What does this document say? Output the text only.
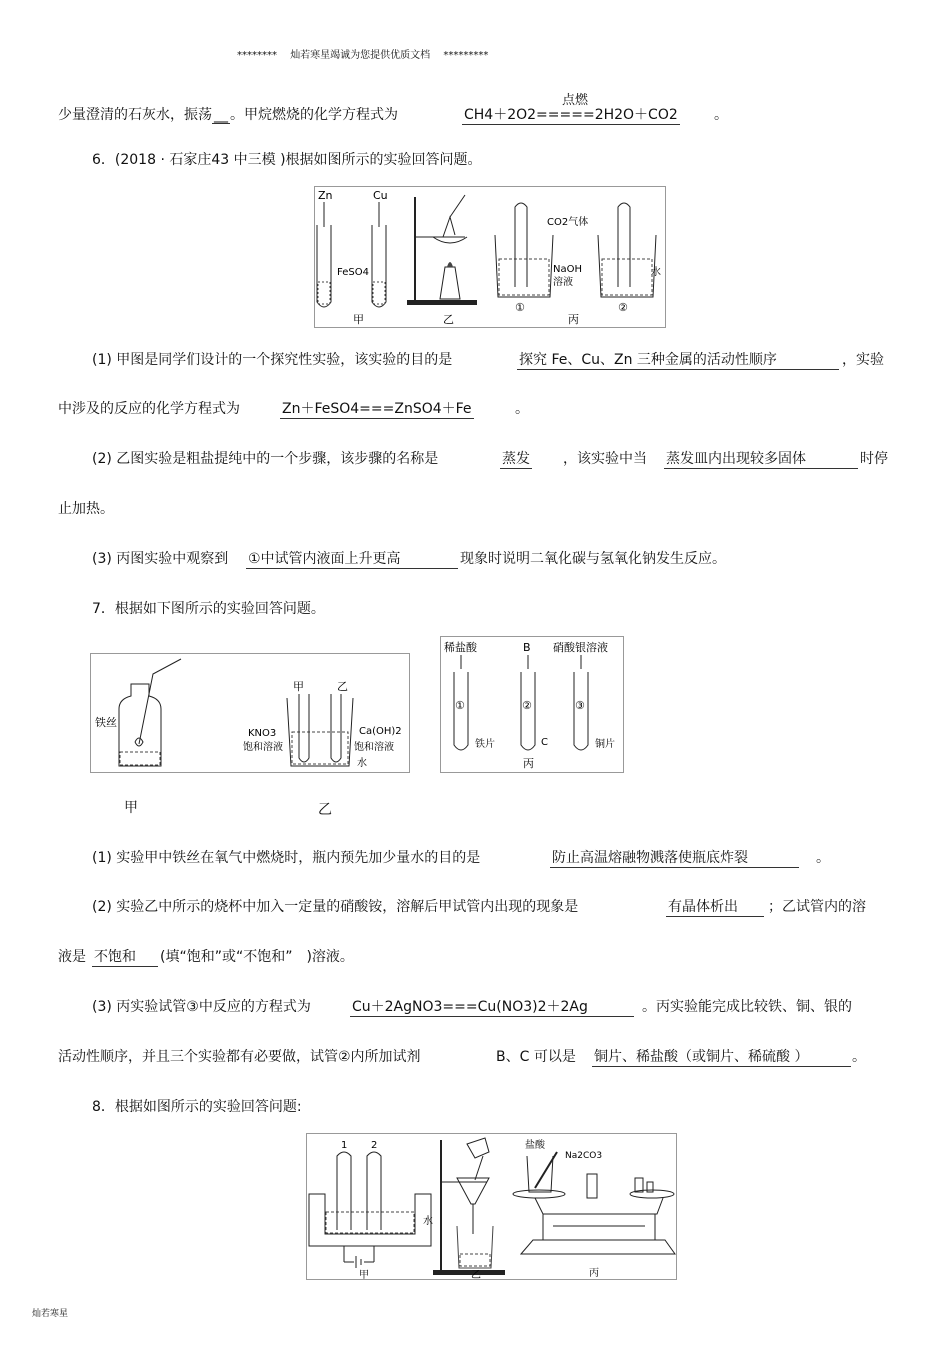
******** 灿若寒星竭诚为您提供优质文档 *********
少量澄清的石灰水，振荡 __ 。甲烷燃烧的化学方程式为
点燃
CH4＋2O2=====2H2O＋CO2	。
6．(2018 · 石家庄43 中三模 )根据如图所示的实验回答问题。
Zn	Cu
FeSO4
甲	乙
CO2气体
NaOH
溶液
①
水
②
丙
(1) 甲图是同学们设计的一个探究性实验，该实验的目的是	探究 Fe、Cu、Zn 三种金属的活动性顺序	，实验
中涉及的反应的化学方程式为	Zn＋FeSO4===ZnSO4＋Fe	。
(2) 乙图实验是粗盐提纯中的一个步骤，该步骤的名称是	蒸发 ，该实验中当 蒸发皿内出现较多固体	时停
止加热。
(3) 丙图实验中观察到 ①中试管内液面上升更高	现象时说明二氧化碳与氢氧化钠发生反应。
7．根据如下图所示的实验回答问题。
铁丝
甲	乙
KNO3
饱和溶液
Ca(OH)2
饱和溶液
水
稀盐酸	B 硝酸银溶液
①	②	③
铁片	C	铜片
丙
甲	乙
(1) 实验甲中铁丝在氧气中燃烧时，瓶内预先加少量水的目的是	防止高温熔融物溅落使瓶底炸裂	。
(2) 实验乙中所示的烧杯中加入一定量的硝酸铵，溶解后甲试管内出现的现象是	有晶体析出	；乙试管内的溶
液是 不饱和	(填“饱和”或“不饱和”　)溶液。
(3) 丙实验试管③中反应的方程式为	Cu＋2AgNO3===Cu(NO3)2＋2Ag	。丙实验能完成比较铁、铜、银的
活动性顺序，并且三个实验都有必要做，试管②内所加试剂	B、C 可以是 铜片、稀盐酸（或铜片、稀硫酸 ）	。
8．根据如图所示的实验回答问题:
1 2
水
甲	乙
盐酸
Na2CO3
丙
灿若寒星
